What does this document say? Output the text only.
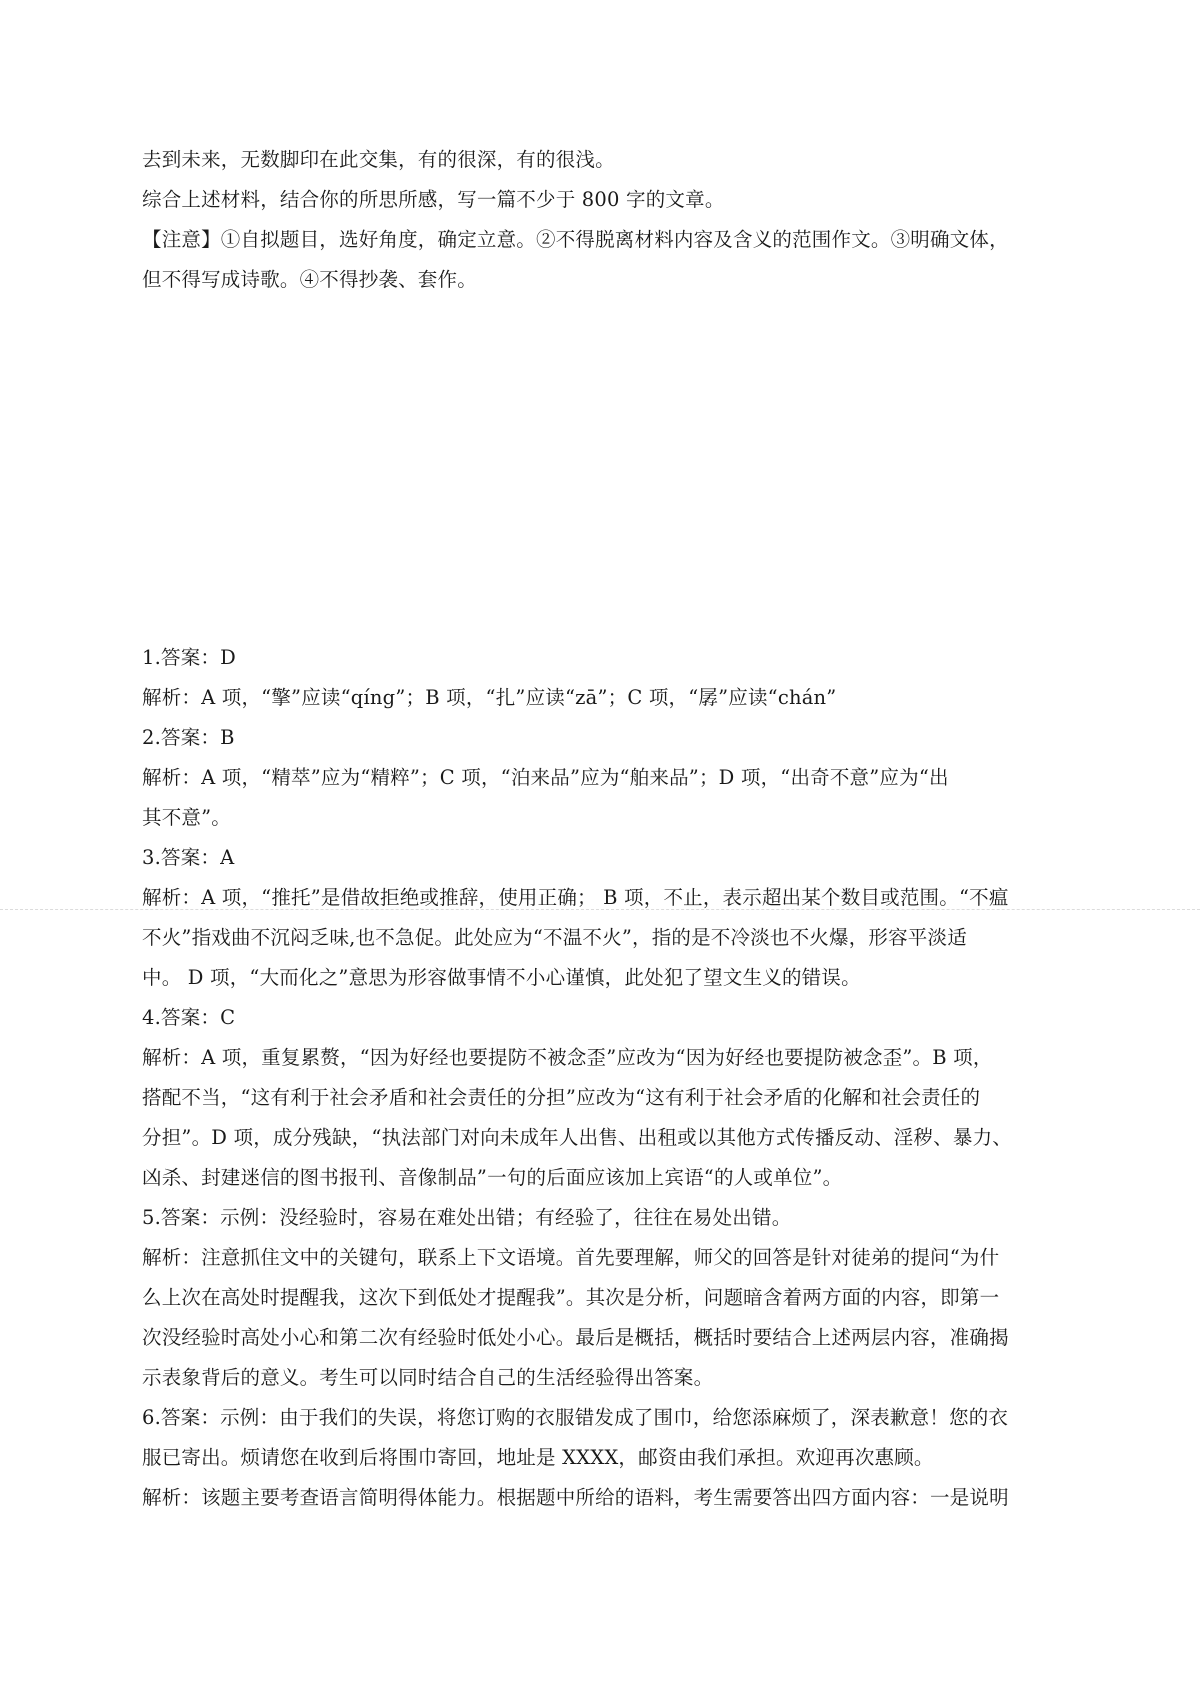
去到未来，无数脚印在此交集，有的很深，有的很浅。
综合上述材料，结合你的所思所感，写一篇不少于 800 字的文章。
【注意】①自拟题目，选好角度，确定立意。②不得脱离材料内容及含义的范围作文。③明确文体，
但不得写成诗歌。④不得抄袭、套作。
1.答案：D
解析：A 项，“擎”应读“qíng”；B 项，“扎”应读“zā”；C 项，“孱”应读“chán”
2.答案：B
解析：A 项，“精萃”应为“精粹”；C 项，“泊来品”应为“舶来品”；D 项，“出奇不意”应为“出
其不意”。
3.答案：A
解析：A 项，“推托”是借故拒绝或推辞，使用正确； B 项，不止，表示超出某个数目或范围。“不瘟
不火”指戏曲不沉闷乏味,也不急促。此处应为“不温不火”，指的是不冷淡也不火爆，形容平淡适
中。 D 项，“大而化之”意思为形容做事情不小心谨慎，此处犯了望文生义的错误。
4.答案：C
解析：A 项，重复累赘，“因为好经也要提防不被念歪”应改为“因为好经也要提防被念歪”。B 项，
搭配不当，“这有利于社会矛盾和社会责任的分担”应改为“这有利于社会矛盾的化解和社会责任的
分担”。D 项，成分残缺，“执法部门对向未成年人出售、出租或以其他方式传播反动、淫秽、暴力、
凶杀、封建迷信的图书报刊、音像制品”一句的后面应该加上宾语“的人或单位”。
5.答案：示例：没经验时，容易在难处出错；有经验了，往往在易处出错。
解析：注意抓住文中的关键句，联系上下文语境。首先要理解，师父的回答是针对徒弟的提问“为什
么上次在高处时提醒我，这次下到低处才提醒我”。其次是分析，问题暗含着两方面的内容，即第一
次没经验时高处小心和第二次有经验时低处小心。最后是概括，概括时要结合上述两层内容，准确揭
示表象背后的意义。考生可以同时结合自己的生活经验得出答案。
6.答案：示例：由于我们的失误，将您订购的衣服错发成了围巾，给您添麻烦了，深表歉意！您的衣
服已寄出。烦请您在收到后将围巾寄回，地址是 XXXX，邮资由我们承担。欢迎再次惠顾。
解析：该题主要考查语言简明得体能力。根据题中所给的语料，考生需要答出四方面内容：一是说明
